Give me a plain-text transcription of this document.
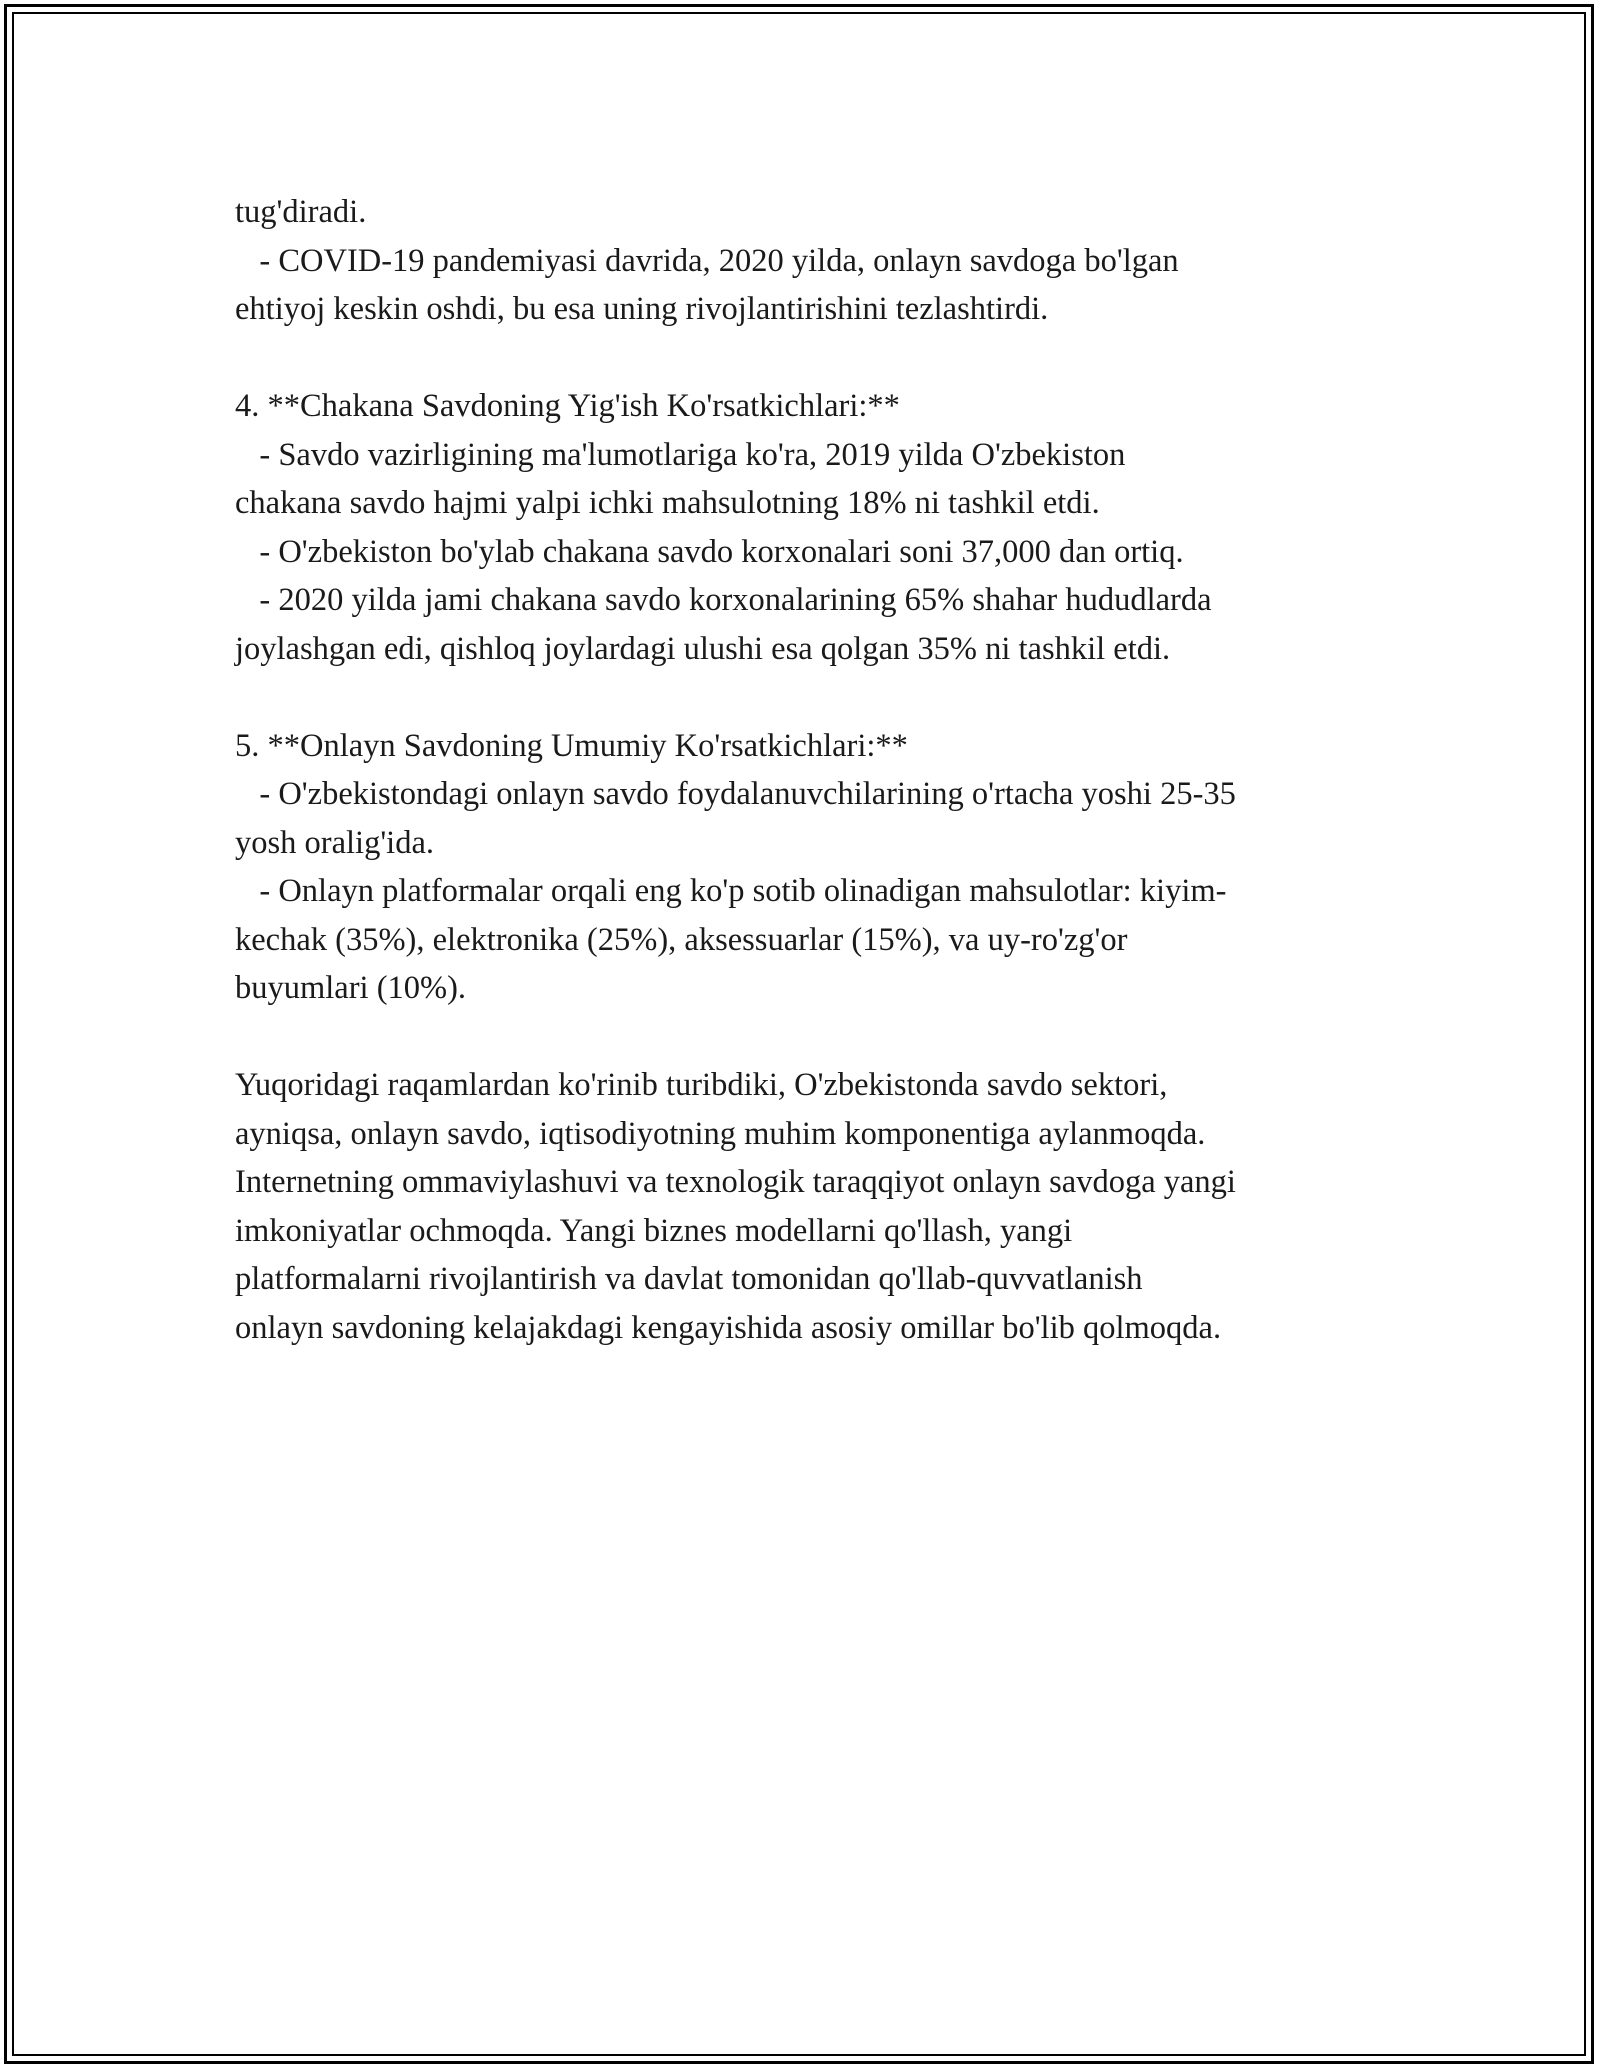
tug'diradi.
- COVID-19 pandemiyasi davrida, 2020 yilda, onlayn savdoga bo'lgan
ehtiyoj keskin oshdi, bu esa uning rivojlantirishini tezlashtirdi.
4. **Chakana Savdoning Yig'ish Ko'rsatkichlari:**
- Savdo vazirligining ma'lumotlariga ko'ra, 2019 yilda O'zbekiston
chakana savdo hajmi yalpi ichki mahsulotning 18% ni tashkil etdi.
- O'zbekiston bo'ylab chakana savdo korxonalari soni 37,000 dan ortiq.
- 2020 yilda jami chakana savdo korxonalarining 65% shahar hududlarda
joylashgan edi, qishloq joylardagi ulushi esa qolgan 35% ni tashkil etdi.
5. **Onlayn Savdoning Umumiy Ko'rsatkichlari:**
- O'zbekistondagi onlayn savdo foydalanuvchilarining o'rtacha yoshi 25-35
yosh oralig'ida.
- Onlayn platformalar orqali eng ko'p sotib olinadigan mahsulotlar: kiyim-
kechak (35%), elektronika (25%), aksessuarlar (15%), va uy-ro'zg'or
buyumlari (10%).
Yuqoridagi raqamlardan ko'rinib turibdiki, O'zbekistonda savdo sektori,
ayniqsa, onlayn savdo, iqtisodiyotning muhim komponentiga aylanmoqda.
Internetning ommaviylashuvi va texnologik taraqqiyot onlayn savdoga yangi
imkoniyatlar ochmoqda. Yangi biznes modellarni qo'llash, yangi
platformalarni rivojlantirish va davlat tomonidan qo'llab-quvvatlanish
onlayn savdoning kelajakdagi kengayishida asosiy omillar bo'lib qolmoqda.
